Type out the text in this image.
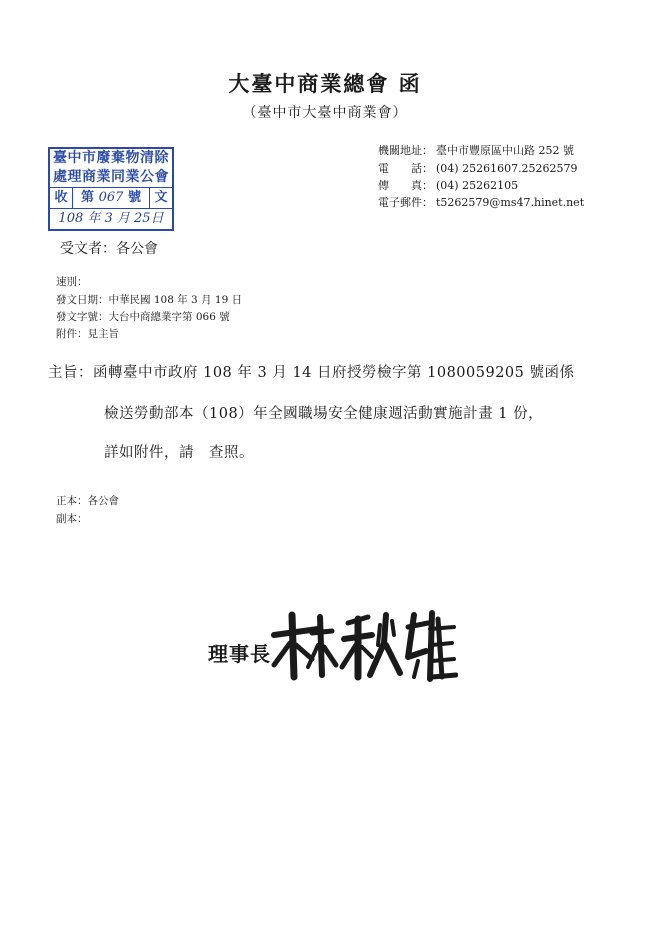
大臺中商業總會 函
（臺中市大臺中商業會）
臺中市廢棄物清除
處理商業同業公會
收	第 067 號	文
108 年 3 月 25日
機關地址： 臺中市豐原區中山路 252 號
電　　話： (04) 25261607.25262579
傳　　真： (04) 25262105
電子郵件： t5262579@ms47.hinet.net
受文者：各公會
速別：
發文日期：中華民國 108 年 3 月 19 日
發文字號：大台中商總業字第 066 號
附件：見主旨
主旨：函轉臺中市政府 108 年 3 月 14 日府授勞檢字第 1080059205 號函係
檢送勞動部本（108）年全國職場安全健康週活動實施計畫 1 份，
詳如附件，請　查照。
正本：各公會
副本：
理事長
